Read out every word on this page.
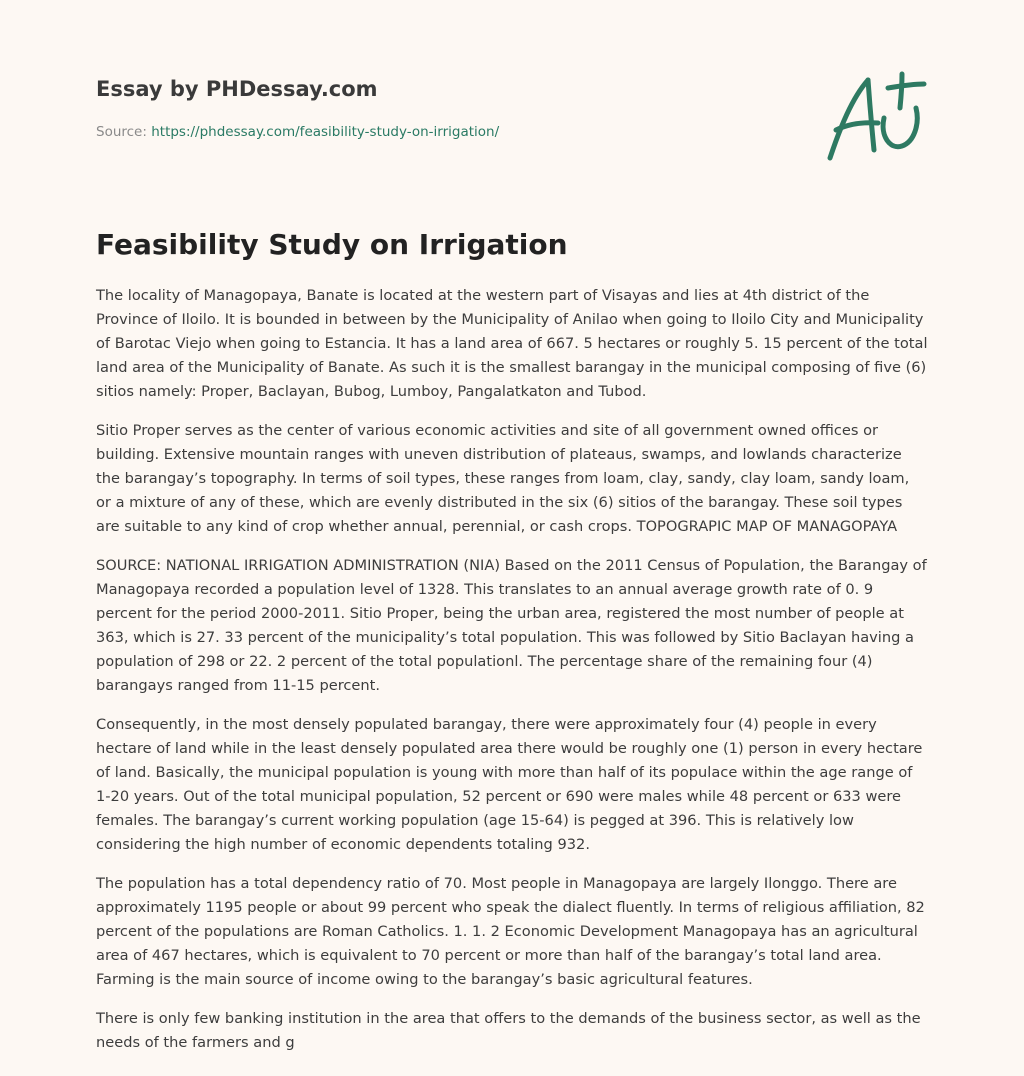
Essay by PHDessay.com
Source: https://phdessay.com/feasibility-study-on-irrigation/
Feasibility Study on Irrigation

The locality of Managopaya, Banate is located at the western part of Visayas and lies at 4th district of the Province of Iloilo. It is bounded in between by the Municipality of Anilao when going to Iloilo City and Municipality of Barotac Viejo when going to Estancia. It has a land area of 667. 5 hectares or roughly 5. 15 percent of the total land area of the Municipality of Banate. As such it is the smallest barangay in the municipal composing of five (6) sitios namely: Proper, Baclayan, Bubog, Lumboy, Pangalatkaton and Tubod.

Sitio Proper serves as the center of various economic activities and site of all government owned offices or building. Extensive mountain ranges with uneven distribution of plateaus, swamps, and lowlands characterize the barangay’s topography. In terms of soil types, these ranges from loam, clay, sandy, clay loam, sandy loam, or a mixture of any of these, which are evenly distributed in the six (6) sitios of the barangay. These soil types are suitable to any kind of crop whether annual, perennial, or cash crops. TOPOGRAPIC MAP OF MANAGOPAYA

SOURCE: NATIONAL IRRIGATION ADMINISTRATION (NIA) Based on the 2011 Census of Population, the Barangay of Managopaya recorded a population level of 1328. This translates to an annual average growth rate of 0. 9 percent for the period 2000-2011. Sitio Proper, being the urban area, registered the most number of people at 363, which is 27. 33 percent of the municipality’s total population. This was followed by Sitio Baclayan having a population of 298 or 22. 2 percent of the total populationl. The percentage share of the remaining four (4) barangays ranged from 11-15 percent.

Consequently, in the most densely populated barangay, there were approximately four (4) people in every hectare of land while in the least densely populated area there would be roughly one (1) person in every hectare of land. Basically, the municipal population is young with more than half of its populace within the age range of 1-20 years. Out of the total municipal population, 52 percent or 690 were males while 48 percent or 633 were females. The barangay’s current working population (age 15-64) is pegged at 396. This is relatively low considering the high number of economic dependents totaling 932.

The population has a total dependency ratio of 70. Most people in Managopaya are largely Ilonggo. There are approximately 1195 people or about 99 percent who speak the dialect fluently. In terms of religious affiliation, 82 percent of the populations are Roman Catholics. 1. 1. 2 Economic Development Managopaya has an agricultural area of 467 hectares, which is equivalent to 70 percent or more than half of the barangay’s total land area. Farming is the main source of income owing to the barangay’s basic agricultural features.

There is only few banking institution in the area that offers to the demands of the business sector, as well as the needs of the farmers and g
